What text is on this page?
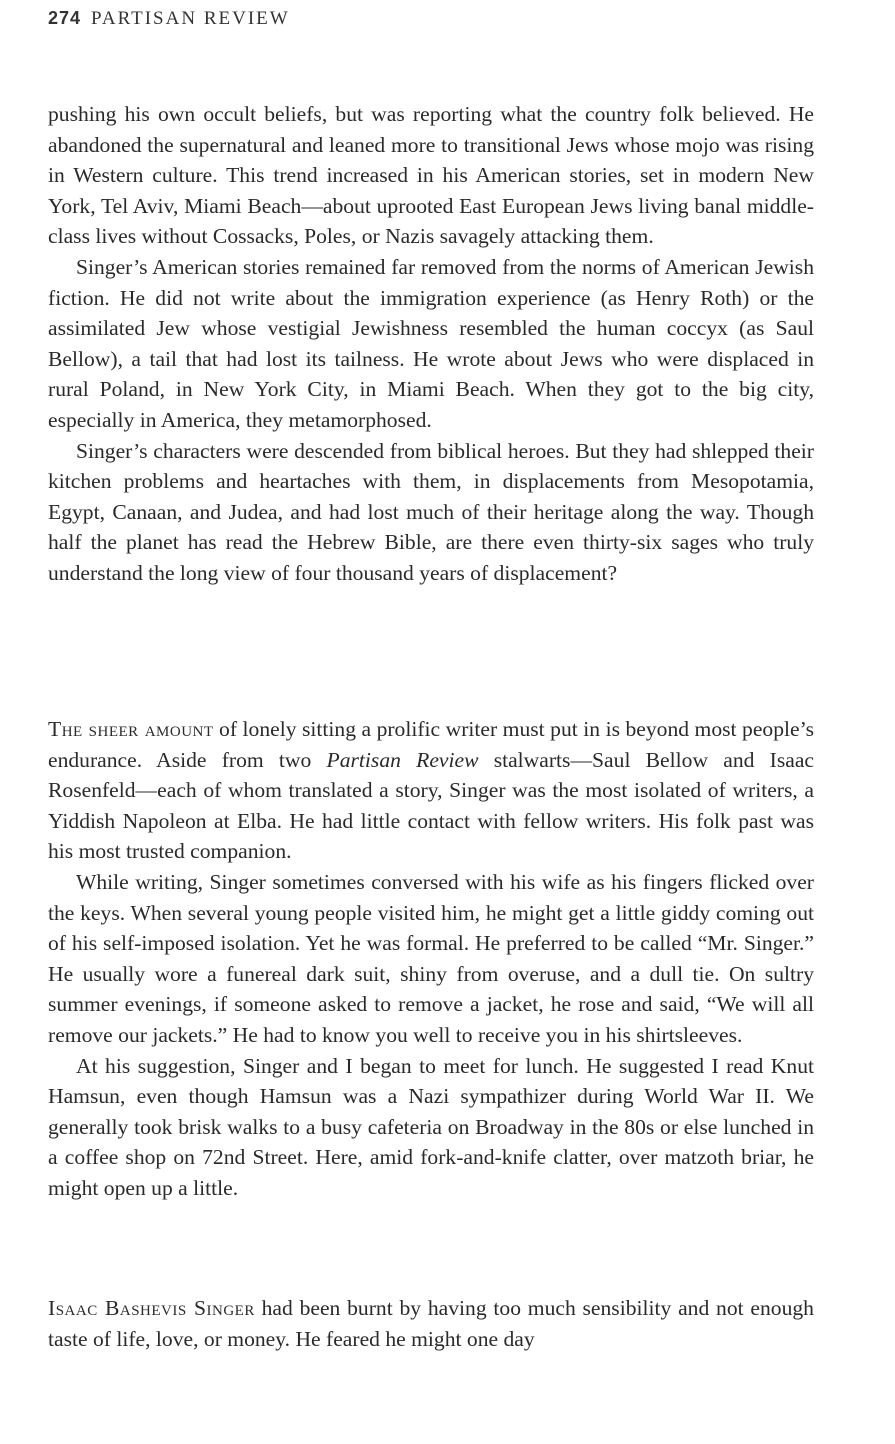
274 PARTISAN REVIEW

pushing his own occult beliefs, but was reporting what the country folk believed. He abandoned the supernatural and leaned more to transitional Jews whose mojo was rising in Western culture. This trend increased in his American stories, set in modern New York, Tel Aviv, Miami Beach—about uprooted East European Jews living banal middleclass lives without Cossacks, Poles, or Nazis savagely attacking them.

Singer’s American stories remained far removed from the norms of American Jewish fiction. He did not write about the immigration experience (as Henry Roth) or the assimilated Jew whose vestigial Jewishness resembled the human coccyx (as Saul Bellow), a tail that had lost its tailness. He wrote about Jews who were displaced in rural Poland, in New York City, in Miami Beach. When they got to the big city, especially in America, they metamorphosed.

Singer’s characters were descended from biblical heroes. But they had shlepped their kitchen problems and heartaches with them, in displacements from Mesopotamia, Egypt, Canaan, and Judea, and had lost much of their heritage along the way. Though half the planet has read the Hebrew Bible, are there even thirty-six sages who truly understand the long view of four thousand years of displacement?

The sheer amount of lonely sitting a prolific writer must put in is beyond most people’s endurance. Aside from two Partisan Review stalwarts—Saul Bellow and Isaac Rosenfeld—each of whom translated a story, Singer was the most isolated of writers, a Yiddish Napoleon at Elba. He had little contact with fellow writers. His folk past was his most trusted companion.

While writing, Singer sometimes conversed with his wife as his fingers flicked over the keys. When several young people visited him, he might get a little giddy coming out of his self-imposed isolation. Yet he was formal. He preferred to be called “Mr. Singer.” He usually wore a funereal dark suit, shiny from overuse, and a dull tie. On sultry summer evenings, if someone asked to remove a jacket, he rose and said, “We will all remove our jackets.” He had to know you well to receive you in his shirtsleeves.

At his suggestion, Singer and I began to meet for lunch. He suggested I read Knut Hamsun, even though Hamsun was a Nazi sympathizer during World War II. We generally took brisk walks to a busy cafeteria on Broadway in the 80s or else lunched in a coffee shop on 72nd Street. Here, amid fork-and-knife clatter, over matzoth briar, he might open up a little.

Isaac Bashevis Singer had been burnt by having too much sensibility and not enough taste of life, love, or money. He feared he might one day
